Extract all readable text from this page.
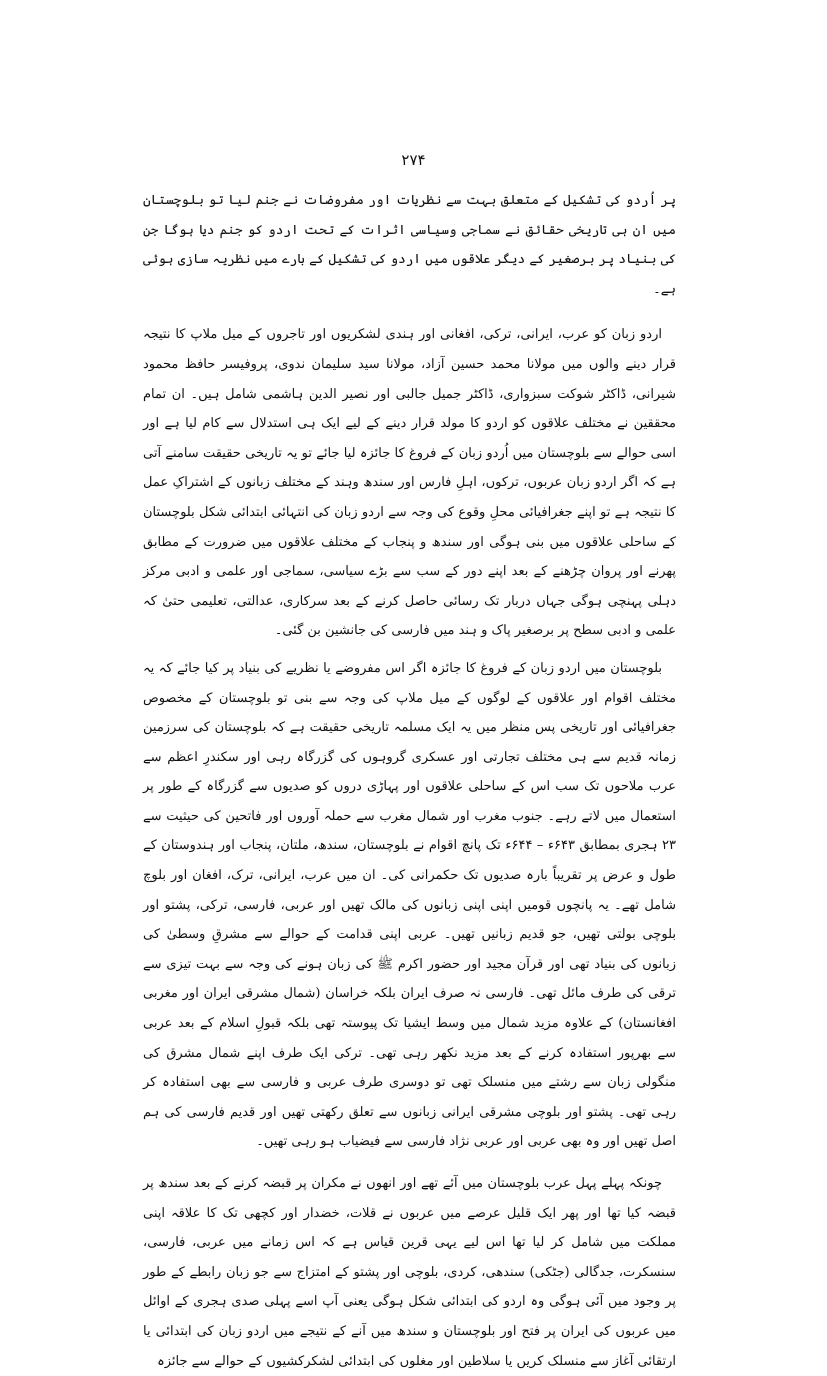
۲۷۴

پر اُردو کی تشکیل کے متعلق بہت سے نظریات اور مفروضات نے جنم لیا تو بلوچستان میں ان ہی تاریخی حقائق نے سماجی وسیاسی اثرات کے تحت اردو کو جنم دیا ہوگا جن کی بنیاد پر برصغیر کے دیگر علاقوں میں اردو کی تشکیل کے بارے میں نظریہ سازی ہوئی ہے۔

اردو زبان کو عرب، ایرانی، ترکی، افغانی اور ہندی لشکریوں اور تاجروں کے میل ملاپ کا نتیجہ قرار دینے والوں میں مولانا محمد حسین آزاد، مولانا سید سلیمان ندوی، پروفیسر حافظ محمود شیرانی، ڈاکٹر شوکت سبزواری، ڈاکٹر جمیل جالبی اور نصیر الدین ہاشمی شامل ہیں۔ ان تمام محققین نے مختلف علاقوں کو اردو کا مولد قرار دینے کے لیے ایک ہی استدلال سے کام لیا ہے اور اسی حوالے سے بلوچستان میں اُردو زبان کے فروغ کا جائزہ لیا جائے تو یہ تاریخی حقیقت سامنے آتی ہے کہ اگر اردو زبان عربوں، ترکوں، اہلِ فارس اور سندھ وہند کے مختلف زبانوں کے اشتراکِ عمل کا نتیجہ ہے تو اپنے جغرافیائی محلِ وقوع کی وجہ سے اردو زبان کی انتہائی ابتدائی شکل بلوچستان کے ساحلی علاقوں میں بنی ہوگی اور سندھ و پنجاب کے مختلف علاقوں میں ضرورت کے مطابق پھرنے اور پروان چڑھنے کے بعد اپنے دور کے سب سے بڑے سیاسی، سماجی اور علمی و ادبی مرکز دہلی پہنچی ہوگی جہاں دربار تک رسائی حاصل کرنے کے بعد سرکاری، عدالتی، تعلیمی حتیٰ کہ علمی و ادبی سطح پر برصغیر پاک و ہند میں فارسی کی جانشین بن گئی۔

بلوچستان میں اردو زبان کے فروغ کا جائزہ اگر اس مفروضے یا نظریے کی بنیاد پر کیا جائے کہ یہ مختلف اقوام اور علاقوں کے لوگوں کے میل ملاپ کی وجہ سے بنی تو بلوچستان کے مخصوص جغرافیائی اور تاریخی پس منظر میں یہ ایک مسلمہ تاریخی حقیقت ہے کہ بلوچستان کی سرزمین زمانہ قدیم سے ہی مختلف تجارتی اور عسکری گروہوں کی گزرگاہ رہی اور سکندرِ اعظم سے عرب ملاحوں تک سب اس کے ساحلی علاقوں اور پہاڑی دروں کو صدیوں سے گزرگاہ کے طور پر استعمال میں لاتے رہے۔ جنوب مغرب اور شمال مغرب سے حملہ آوروں اور فاتحین کی حیثیت سے ۲۳ ہجری بمطابق ۶۴۳ء – ۶۴۴ء تک پانچ اقوام نے بلوچستان، سندھ، ملتان، پنجاب اور ہندوستان کے طول و عرض پر تقریباً بارہ صدیوں تک حکمرانی کی۔ ان میں عرب، ایرانی، ترک، افغان اور بلوچ شامل تھے۔ یہ پانچوں قومیں اپنی اپنی زبانوں کی مالک تھیں اور عربی، فارسی، ترکی، پشتو اور بلوچی بولتی تھیں، جو قدیم زبانیں تھیں۔ عربی اپنی قدامت کے حوالے سے مشرقِ وسطیٰ کی زبانوں کی بنیاد تھی اور قرآن مجید اور حضور اکرم ﷺ کی زبان ہونے کی وجہ سے بہت تیزی سے ترقی کی طرف مائل تھی۔ فارسی نہ صرف ایران بلکہ خراسان (شمال مشرقی ایران اور مغربی افغانستان) کے علاوہ مزید شمال میں وسط ایشیا تک پیوستہ تھی بلکہ قبولِ اسلام کے بعد عربی سے بھرپور استفادہ کرنے کے بعد مزید نکھر رہی تھی۔ ترکی ایک طرف اپنے شمال مشرق کی منگولی زبان سے رشتے میں منسلک تھی تو دوسری طرف عربی و فارسی سے بھی استفادہ کر رہی تھی۔ پشتو اور بلوچی مشرقی ایرانی زبانوں سے تعلق رکھتی تھیں اور قدیم فارسی کی ہم اصل تھیں اور وہ بھی عربی اور عربی نژاد فارسی سے فیضیاب ہو رہی تھیں۔

چونکہ پہلے پہل عرب بلوچستان میں آئے تھے اور انھوں نے مکران پر قبضہ کرنے کے بعد سندھ پر قبضہ کیا تھا اور پھر ایک قلیل عرصے میں عربوں نے قلات، خضدار اور کچھی تک کا علاقہ اپنی مملکت میں شامل کر لیا تھا اس لیے یہی قرین قیاس ہے کہ اس زمانے میں عربی، فارسی، سنسکرت، جدگالی (جٹکی) سندھی، کردی، بلوچی اور پشتو کے امتزاج سے جو زبان رابطے کے طور پر وجود میں آئی ہوگی وہ اردو کی ابتدائی شکل ہوگی یعنی آپ اسے پہلی صدی ہجری کے اوائل میں عربوں کی ایران پر فتح اور بلوچستان و سندھ میں آنے کے نتیجے میں اردو زبان کی ابتدائی یا ارتقائی آغاز سے منسلک کریں یا سلاطین اور مغلوں کی ابتدائی لشکرکشیوں کے حوالے سے جائزہ
